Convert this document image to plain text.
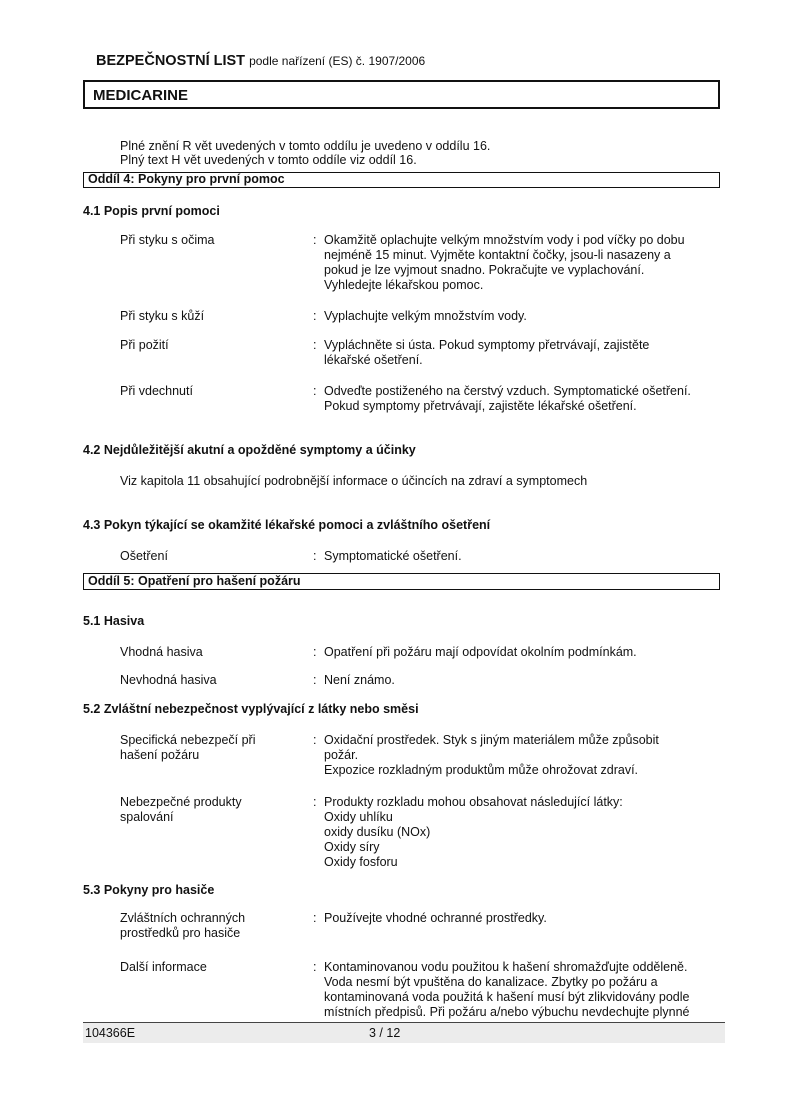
BEZPEČNOSTNÍ LIST podle nařízení (ES) č. 1907/2006
MEDICARINE
Plné znění R vět uvedených v tomto oddílu je uvedeno v oddílu 16.
Plný text H vět uvedených v tomto oddíle viz oddíl 16.
Oddíl 4: Pokyny pro první pomoc
4.1 Popis první pomoci
Při styku s očima	: Okamžitě oplachujte velkým množstvím vody i pod víčky po dobu
nejméně 15 minut. Vyjměte kontaktní čočky, jsou-li nasazeny a
pokud je lze vyjmout snadno. Pokračujte ve vyplachování.
Vyhledejte lékařskou pomoc.
Při styku s kůží	: Vyplachujte velkým množstvím vody.
Při požití	: Vypláchněte si ústa. Pokud symptomy přetrvávají, zajistěte
lékařské ošetření.
Při vdechnutí	: Odveďte postiženého na čerstvý vzduch. Symptomatické ošetření.
Pokud symptomy přetrvávají, zajistěte lékařské ošetření.
Ošetření	: Symptomatické ošetření.
Vhodná hasiva	: Opatření při požáru mají odpovídat okolním podmínkám.
Nevhodná hasiva	: Není známo.
Specifická nebezpečí při
hašení požáru
: Oxidační prostředek. Styk s jiným materiálem může způsobit
požár.
Expozice rozkladným produktům může ohrožovat zdraví.
Nebezpečné produkty
spalování
: Produkty rozkladu mohou obsahovat následující látky:
Oxidy uhlíku
oxidy dusíku (NOx)
Oxidy síry
Oxidy fosforu
Zvláštních ochranných
prostředků pro hasiče
: Používejte vhodné ochranné prostředky.
Další informace	: Kontaminovanou vodu použitou k hašení shromažďujte odděleně.
Voda nesmí být vpuštěna do kanalizace. Zbytky po požáru a
kontaminovaná voda použitá k hašení musí být zlikvidovány podle
místních předpisů. Při požáru a/nebo výbuchu nevdechujte plynné
4.2 Nejdůležitější akutní a opožděné symptomy a účinky
Viz kapitola 11 obsahující podrobnější informace o účincích na zdraví a symptomech
4.3 Pokyn týkající se okamžité lékařské pomoci a zvláštního ošetření
Oddíl 5: Opatření pro hašení požáru
5.1 Hasiva
5.2 Zvláštní nebezpečnost vyplývající z látky nebo směsi
5.3 Pokyny pro hasiče
104366E	3 / 12
